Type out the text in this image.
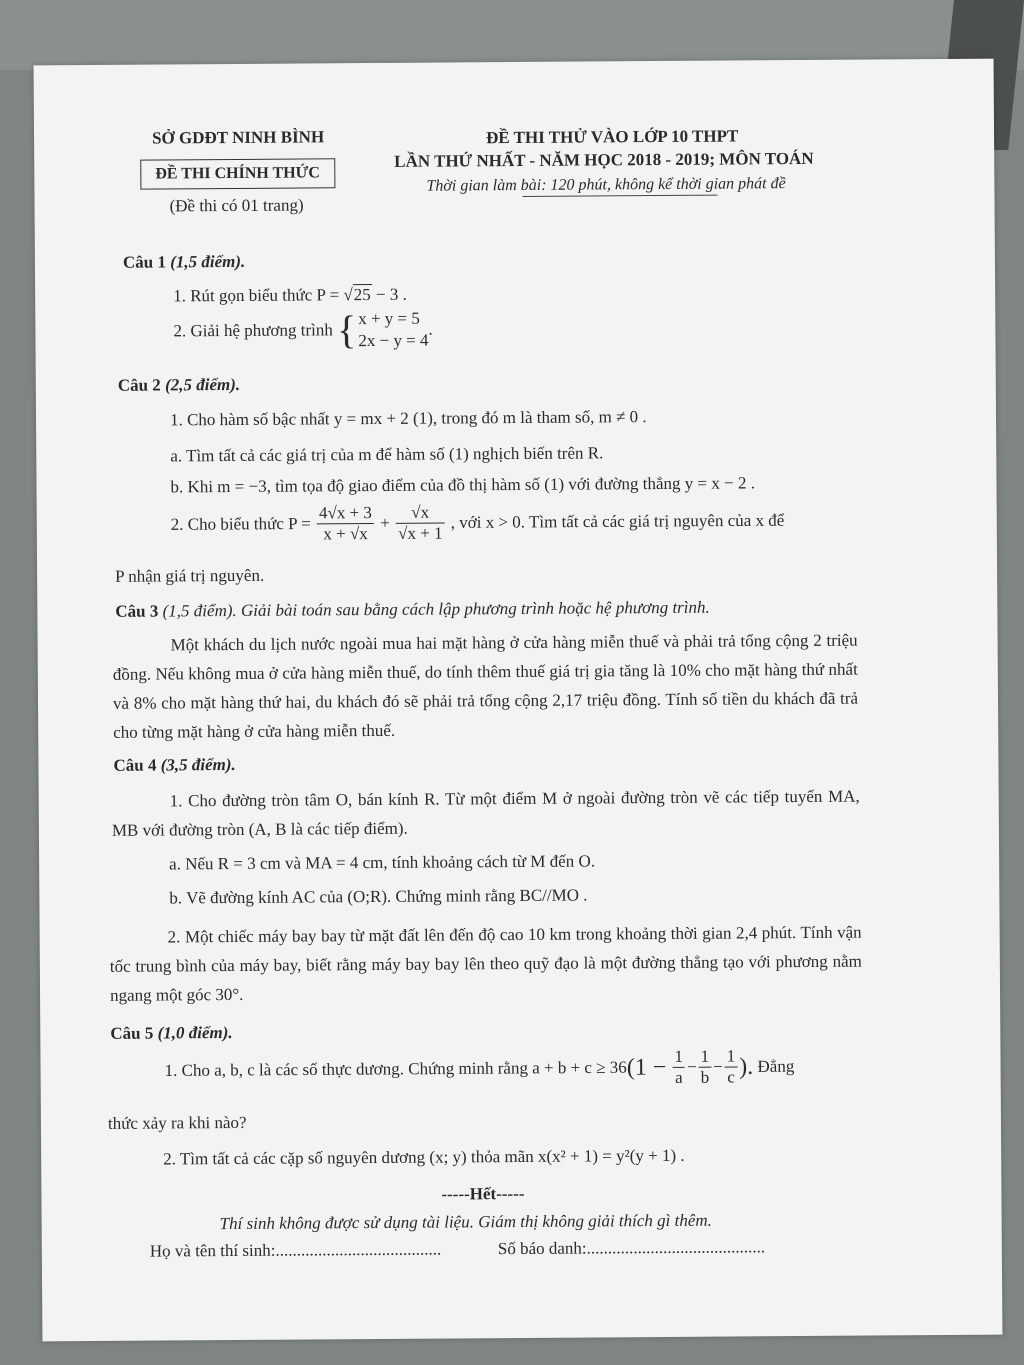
SỞ GDĐT NINH BÌNH
ĐỀ THI CHÍNH THỨC
(Đề thi có 01 trang)
ĐỀ THI THỬ VÀO LỚP 10 THPT
LẦN THỨ NHẤT - NĂM HỌC 2018 - 2019; MÔN TOÁN
Thời gian làm bài: 120 phút, không kể thời gian phát đề
Câu 1 (1,5 điểm).
1. Rút gọn biểu thức P = √25 − 3 .
2. Giải hệ phương trình { x + y = 5
2x − y = 4
.
Câu 2 (2,5 điểm).
1. Cho hàm số bậc nhất y = mx + 2 (1), trong đó m là tham số, m ≠ 0 .
a. Tìm tất cả các giá trị của m để hàm số (1) nghịch biến trên R.
b. Khi m = −3, tìm tọa độ giao điểm của đồ thị hàm số (1) với đường thẳng y = x − 2 .
2. Cho biểu thức $P = \frac{4√x + 3}{x + √x} + \frac{√x}{√x + 1}$ , với x > 0. Tìm tất cả các giá trị nguyên của x để
P nhận giá trị nguyên.
Câu 3 (1,5 điểm). Giải bài toán sau bằng cách lập phương trình hoặc hệ phương trình.
Một khách du lịch nước ngoài mua hai mặt hàng ở cửa hàng miễn thuế và phải trả tổng cộng 2 triệu đồng. Nếu không mua ở cửa hàng miễn thuế, do tính thêm thuế giá trị gia tăng là 10% cho mặt hàng thứ nhất và 8% cho mặt hàng thứ hai, du khách đó sẽ phải trả tổng cộng 2,17 triệu đồng. Tính số tiền du khách đã trả cho từng mặt hàng ở cửa hàng miễn thuế.
Câu 4 (3,5 điểm).
1. Cho đường tròn tâm O, bán kính R. Từ một điểm M ở ngoài đường tròn vẽ các tiếp tuyến MA, MB với đường tròn (A, B là các tiếp điểm).
a. Nếu R = 3 cm và MA = 4 cm, tính khoảng cách từ M đến O.
b. Vẽ đường kính AC của (O;R). Chứng minh rằng BC//MO .
2. Một chiếc máy bay bay từ mặt đất lên đến độ cao 10 km trong khoảng thời gian 2,4 phút. Tính vận tốc trung bình của máy bay, biết rằng máy bay bay lên theo quỹ đạo là một đường thẳng tạo với phương nằm ngang một góc 30°.
Câu 5 (1,0 điểm).
1. Cho a, b, c là các số thực dương. Chứng minh rằng $a + b + c \ge 36(1 - \frac{1}{a} - \frac{1}{b} - \frac{1}{c}$ ). Đẳng
thức xảy ra khi nào?
2. Tìm tất cả các cặp số nguyên dương (x; y) thỏa mãn x(x² + 1) = y²(y + 1) .
-----Hết-----
Thí sinh không được sử dụng tài liệu. Giám thị không giải thích gì thêm.
Họ và tên thí sinh:.......................................	Số báo danh:..........................................
